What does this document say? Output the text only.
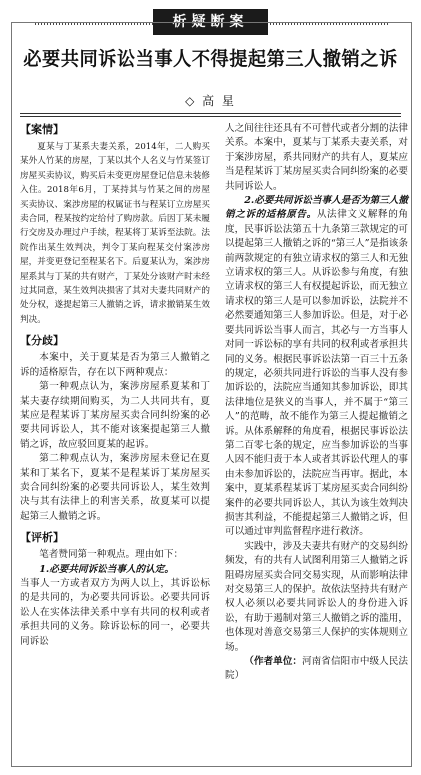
析疑断案
必要共同诉讼当事人不得提起第三人撤销之诉
◇ 高 星
【案情】

夏某与丁某系夫妻关系，2014年，二人购买某外人竹某的房屋，丁某以其个人名义与竹某签订房屋买卖协议，购买后未变更房屋登记信息未装修入住。2018年6月，丁某持其与竹某之间的房屋买卖协议、案涉房屋的权属证书与程某订立房屋买卖合同，程某按约定给付了购房款。后因丁某未履行交房及办理过户手续，程某将丁某诉至法院。法院作出某生效判决，判令丁某向程某交付案涉房屋，并变更登记至程某名下。后夏某认为，案涉房屋系其与丁某的共有财产，丁某处分该财产时未经过其同意，某生效判决损害了其对夫妻共同财产的处分权，遂提起第三人撤销之诉，请求撤销某生效判决。

【分歧】

本案中，关于夏某是否为第三人撤销之诉的适格原告，存在以下两种观点：

第一种观点认为，案涉房屋系夏某和丁某夫妻存续期间购买，为二人共同共有，夏某应是程某诉丁某房屋买卖合同纠纷案的必要共同诉讼人，其不能对该案提起第三人撤销之诉，故应驳回夏某的起诉。

第二种观点认为，案涉房屋未登记在夏某和丁某名下，夏某不是程某诉丁某房屋买卖合同纠纷案的必要共同诉讼人，某生效判决与其有法律上的利害关系，故夏某可以提起第三人撤销之诉。

【评析】

笔者赞同第一种观点。理由如下：

1.必要共同诉讼当事人的认定。

当事人一方或者双方为两人以上，其诉讼标的是共同的，为必要共同诉讼。必要共同诉讼人在实体法律关系中享有共同的权利或者承担共同的义务。除诉讼标的同一，必要共同诉讼

人之间往往还具有不可替代或者分割的法律关系。本案中，夏某与丁某系夫妻关系，对于案涉房屋，系共同财产的共有人，夏某应当是程某诉丁某房屋买卖合同纠纷案的必要共同诉讼人。

2.必要共同诉讼当事人是否为第三人撤销之诉的适格原告。从法律文义解释的角度，民事诉讼法第五十九条第三款规定的可以提起第三人撤销之诉的“第三人”是指该条前两款规定的有独立请求权的第三人和无独立请求权的第三人。从诉讼参与角度，有独立请求权的第三人有权提起诉讼，而无独立请求权的第三人是可以参加诉讼，法院并不必然要通知第三人参加诉讼。但是，对于必要共同诉讼当事人而言，其必与一方当事人对同一诉讼标的享有共同的权利或者承担共同的义务。根据民事诉讼法第一百三十五条的规定，必须共同进行诉讼的当事人没有参加诉讼的，法院应当通知其参加诉讼，即其法律地位是狭义的当事人，并不属于“第三人”的范畴，故不能作为第三人提起撤销之诉。从体系解释的角度看，根据民事诉讼法第二百零七条的规定，应当参加诉讼的当事人因不能归责于本人或者其诉讼代理人的事由未参加诉讼的，法院应当再审。据此，本案中，夏某系程某诉丁某房屋买卖合同纠纷案件的必要共同诉讼人，其认为该生效判决损害其利益，不能提起第三人撤销之诉，但可以通过审判监督程序进行救济。

实践中，涉及夫妻共有财产的交易纠纷频发，有的共有人试图利用第三人撤销之诉阻碍房屋买卖合同交易实现，从而影响法律对交易第三人的保护。故依法坚持共有财产权人必须以必要共同诉讼人的身份进入诉讼，有助于遏制对第三人撤销之诉的滥用，也体现对善意交易第三人保护的实体规则立场。

（作者单位：河南省信阳市中级人民法院）
